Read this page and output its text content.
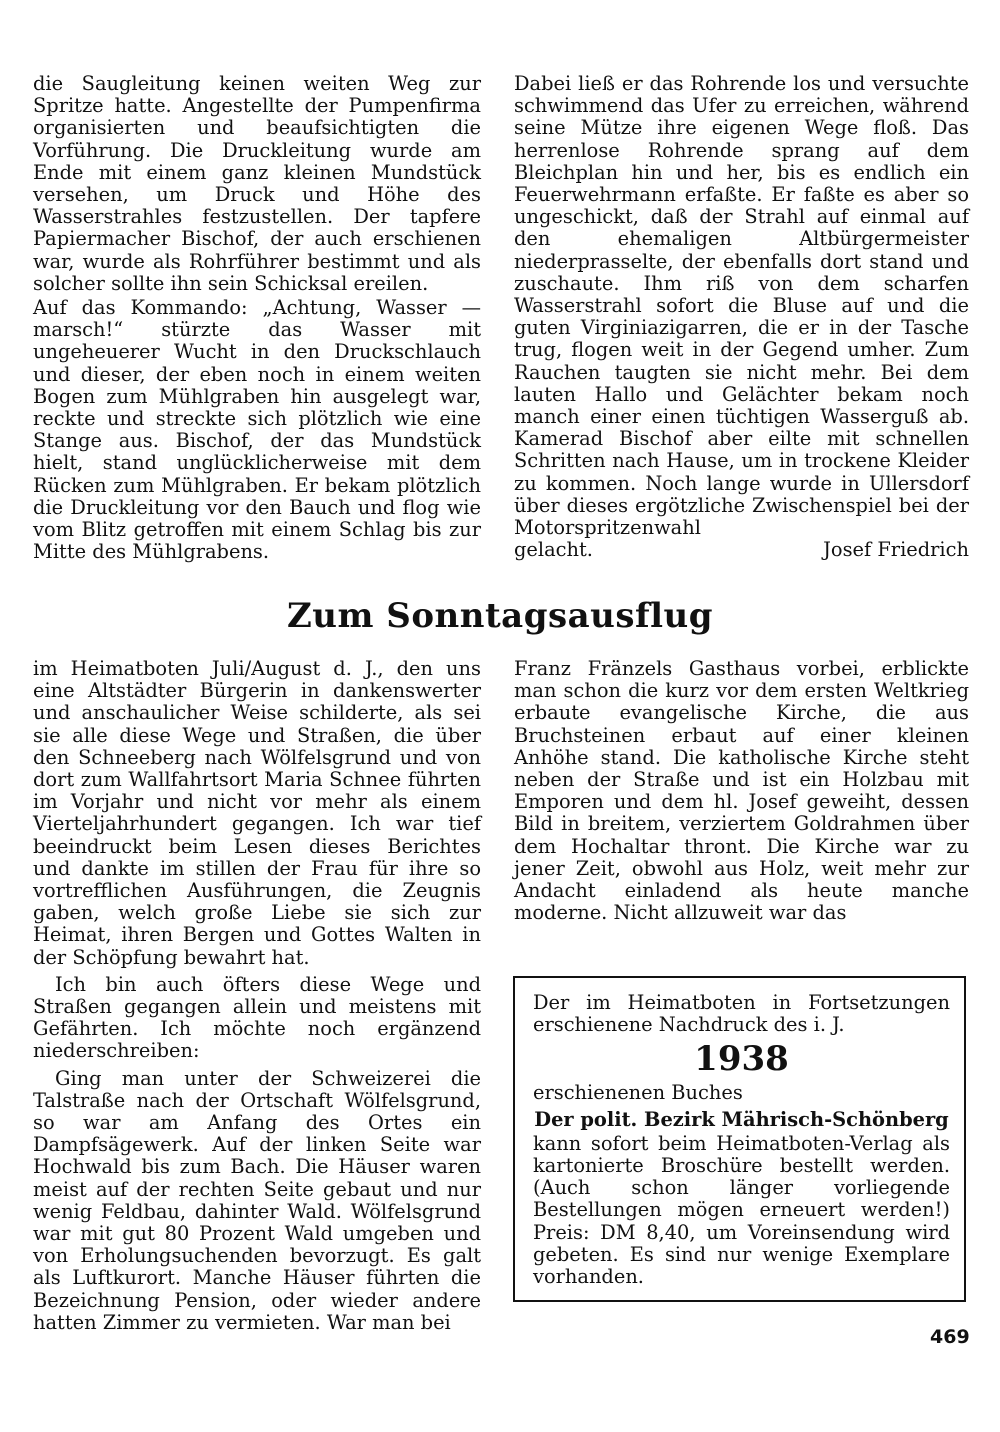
die Saugleitung keinen weiten Weg zur Spritze hatte. Angestellte der Pumpenfirma organisierten und beaufsichtigten die Vorführung. Die Druckleitung wurde am Ende mit einem ganz kleinen Mundstück versehen, um Druck und Höhe des Wasserstrahles festzustellen. Der tapfere Papiermacher Bischof, der auch erschienen war, wurde als Rohrführer bestimmt und als solcher sollte ihn sein Schicksal ereilen.

Auf das Kommando: „Achtung, Wasser — marsch!“ stürzte das Wasser mit ungeheuerer Wucht in den Druckschlauch und dieser, der eben noch in einem weiten Bogen zum Mühlgraben hin ausgelegt war, reckte und streckte sich plötzlich wie eine Stange aus. Bischof, der das Mundstück hielt, stand unglücklicherweise mit dem Rücken zum Mühlgraben. Er bekam plötzlich die Druckleitung vor den Bauch und flog wie vom Blitz getroffen mit einem Schlag bis zur Mitte des Mühlgrabens.

Dabei ließ er das Rohrende los und versuchte schwimmend das Ufer zu erreichen, während seine Mütze ihre eigenen Wege floß. Das herrenlose Rohrende sprang auf dem Bleichplan hin und her, bis es endlich ein Feuerwehrmann erfaßte. Er faßte es aber so ungeschickt, daß der Strahl auf einmal auf den ehemaligen Altbürgermeister niederprasselte, der ebenfalls dort stand und zuschaute. Ihm riß von dem scharfen Wasserstrahl sofort die Bluse auf und die guten Virginiazigarren, die er in der Tasche trug, flogen weit in der Gegend umher. Zum Rauchen taugten sie nicht mehr. Bei dem lauten Hallo und Gelächter bekam noch manch einer einen tüchtigen Wasserguß ab. Kamerad Bischof aber eilte mit schnellen Schritten nach Hause, um in trockene Kleider zu kommen. Noch lange wurde in Ullersdorf über dieses ergötzliche Zwischenspiel bei der Motorspritzenwahl

gelacht.	Josef Friedrich
Zum Sonntagsausflug

im Heimatboten Juli/August d. J., den uns eine Altstädter Bürgerin in dankenswerter und anschaulicher Weise schilderte, als sei sie alle diese Wege und Straßen, die über den Schneeberg nach Wölfelsgrund und von dort zum Wallfahrtsort Maria Schnee führten im Vorjahr und nicht vor mehr als einem Vierteljahrhundert gegangen. Ich war tief beeindruckt beim Lesen dieses Berichtes und dankte im stillen der Frau für ihre so vortrefflichen Ausführungen, die Zeugnis gaben, welch große Liebe sie sich zur Heimat, ihren Bergen und Gottes Walten in der Schöpfung bewahrt hat.

Ich bin auch öfters diese Wege und Straßen gegangen allein und meistens mit Gefährten. Ich möchte noch ergänzend niederschreiben:

Ging man unter der Schweizerei die Talstraße nach der Ortschaft Wölfelsgrund, so war am Anfang des Ortes ein Dampfsägewerk. Auf der linken Seite war Hochwald bis zum Bach. Die Häuser waren meist auf der rechten Seite gebaut und nur wenig Feldbau, dahinter Wald. Wölfelsgrund war mit gut 80 Prozent Wald umgeben und von Erholungsuchenden bevorzugt. Es galt als Luftkurort. Manche Häuser führten die Bezeichnung Pension, oder wieder andere hatten Zimmer zu vermieten. War man bei

Franz Fränzels Gasthaus vorbei, erblickte man schon die kurz vor dem ersten Weltkrieg erbaute evangelische Kirche, die aus Bruchsteinen erbaut auf einer kleinen Anhöhe stand. Die katholische Kirche steht neben der Straße und ist ein Holzbau mit Emporen und dem hl. Josef geweiht, dessen Bild in breitem, verziertem Goldrahmen über dem Hochaltar thront. Die Kirche war zu jener Zeit, obwohl aus Holz, weit mehr zur Andacht einladend als heute manche moderne. Nicht allzuweit war das

Der im Heimatboten in Fortsetzungen erschienene Nachdruck des i. J.

1938

erschienenen Buches

Der polit. Bezirk Mährisch-Schönberg

kann sofort beim Heimatboten-Verlag als kartonierte Broschüre bestellt werden. (Auch schon länger vorliegende Bestellungen mögen erneuert werden!) Preis: DM 8,40, um Voreinsendung wird gebeten. Es sind nur wenige Exemplare vorhanden.

469
